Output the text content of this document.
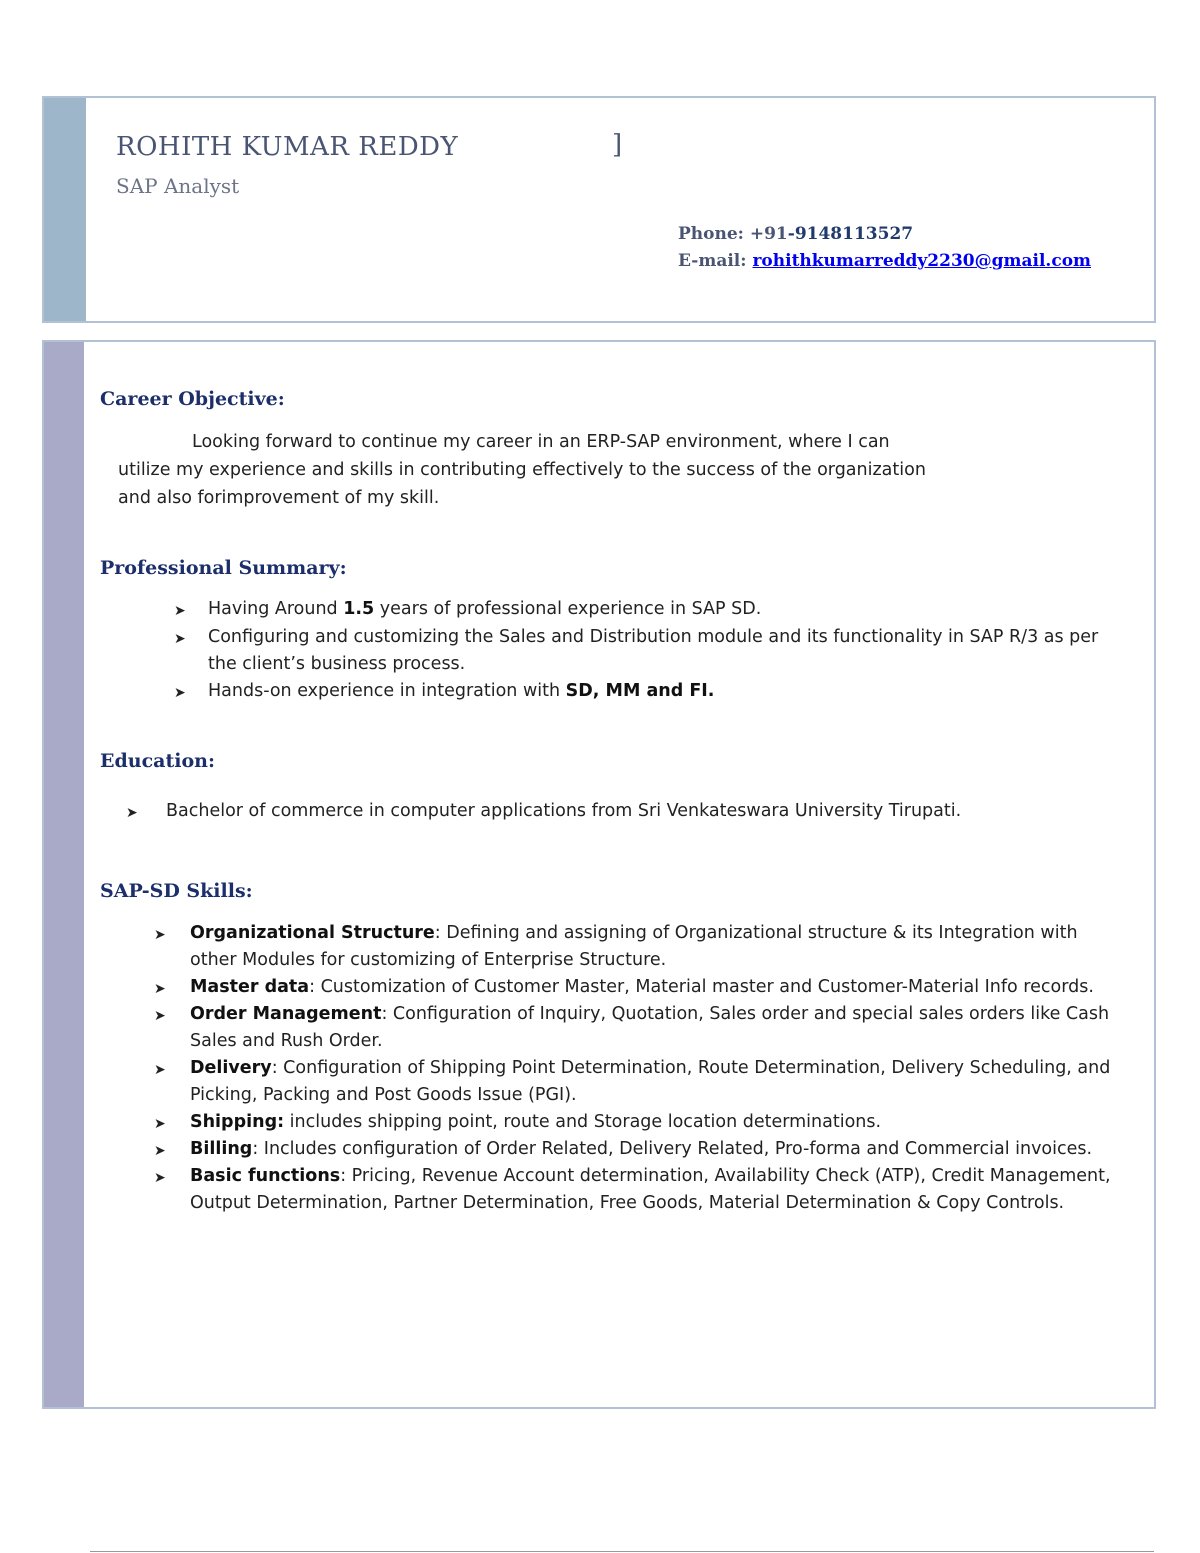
ROHITH KUMAR REDDY	]
SAP Analyst
Phone: +91-9148113527
E-mail: rohithkumarreddy2230@gmail.com
Career Objective:
Looking forward to continue my career in an ERP-SAP environment, where I can
utilize my experience and skills in contributing effectively to the success of the organization
and also forimprovement of my skill.
Professional Summary:
➤ Having Around 1.5 years of professional experience in SAP SD.
➤ Configuring and customizing the Sales and Distribution module and its functionality in SAP R/3 as per the client’s business process.
➤ Hands-on experience in integration with SD, MM and FI.
Education:
➤ Bachelor of commerce in computer applications from Sri Venkateswara University Tirupati.
SAP-SD Skills:
➤ Organizational Structure: Defining and assigning of Organizational structure & its Integration with other Modules for customizing of Enterprise Structure.
➤ Master data: Customization of Customer Master, Material master and Customer-Material Info records.
➤ Order Management: Configuration of Inquiry, Quotation, Sales order and special sales orders like Cash Sales and Rush Order.
➤ Delivery: Configuration of Shipping Point Determination, Route Determination, Delivery Scheduling, and Picking, Packing and Post Goods Issue (PGI).
➤ Shipping: includes shipping point, route and Storage location determinations.
➤ Billing: Includes configuration of Order Related, Delivery Related, Pro-forma and Commercial invoices.
➤ Basic functions: Pricing, Revenue Account determination, Availability Check (ATP), Credit Management, Output Determination, Partner Determination, Free Goods, Material Determination & Copy Controls.
